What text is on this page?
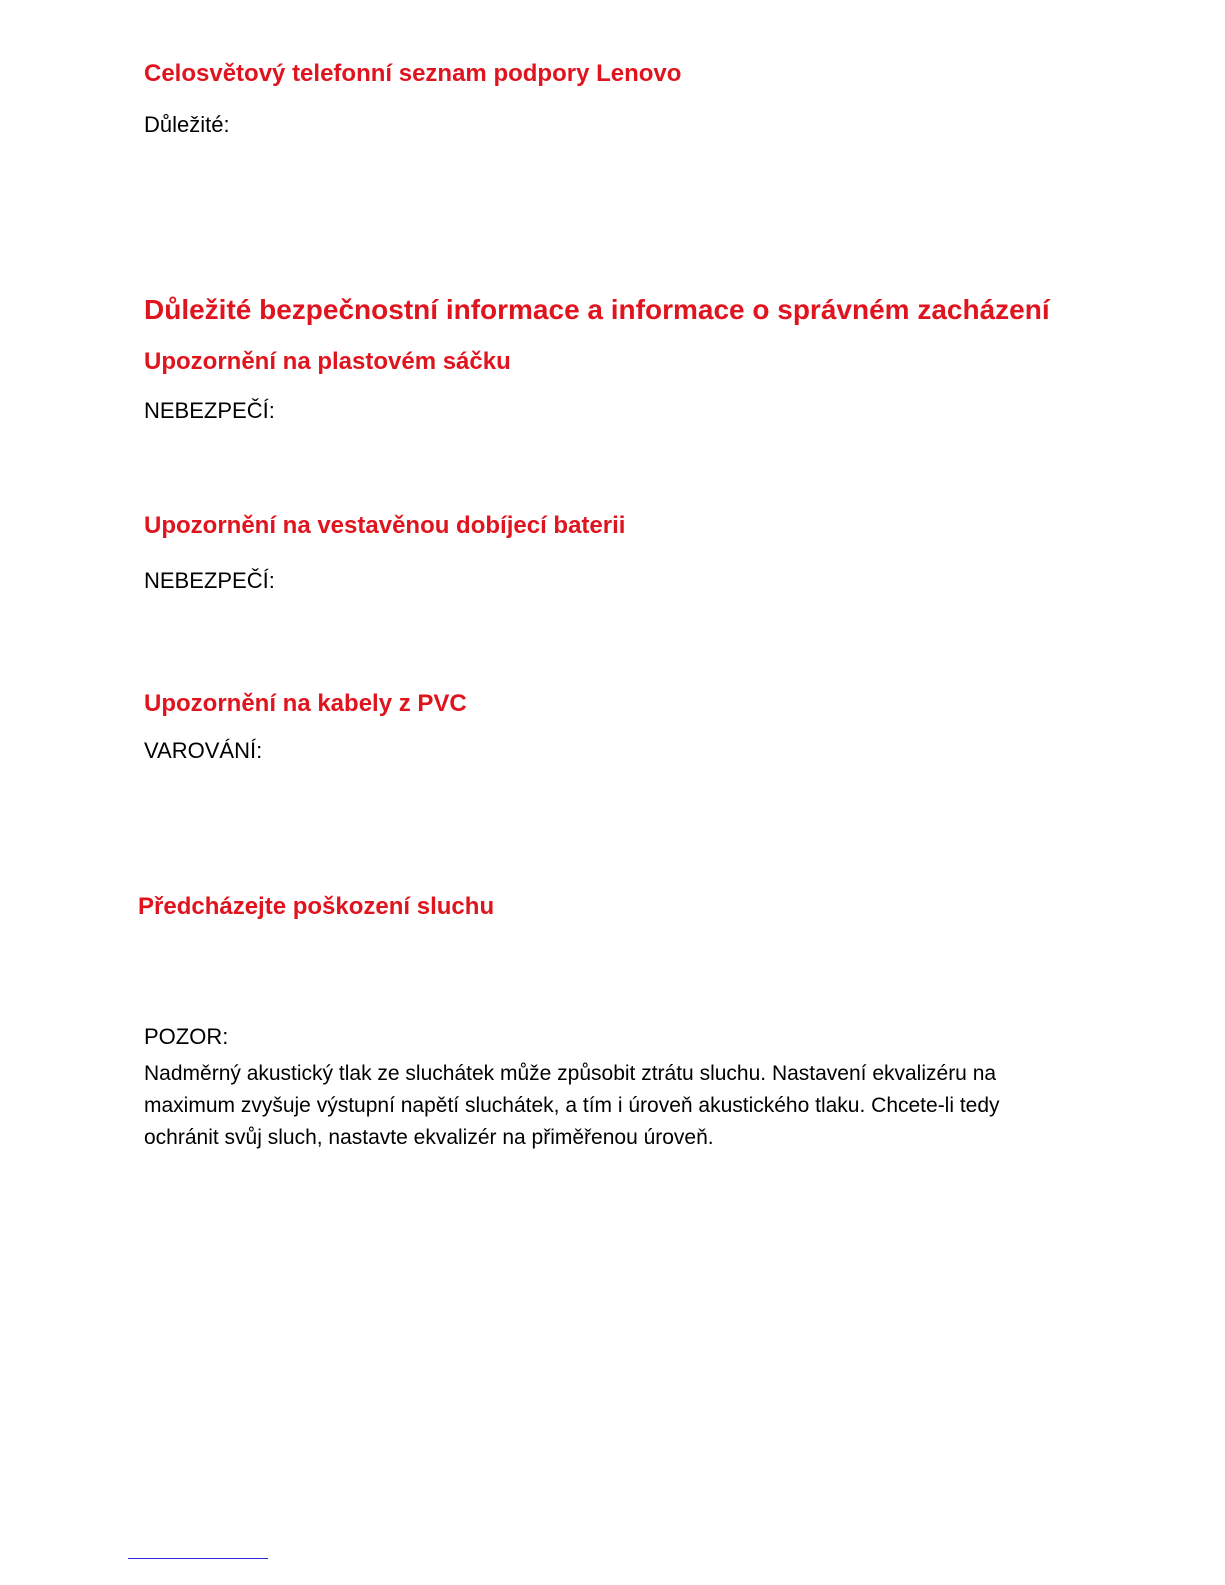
Celosvětový telefonní seznam podpory Lenovo
Důležité:
Důležité bezpečnostní informace a informace o správném zacházení
Upozornění na plastovém sáčku
NEBEZPEČÍ:
Upozornění na vestavěnou dobíjecí baterii
NEBEZPEČÍ:
Upozornění na kabely z PVC
VAROVÁNÍ:
Předcházejte poškození sluchu
POZOR:

Nadměrný akustický tlak ze sluchátek může způsobit ztrátu sluchu. Nastavení ekvalizéru na
maximum zvyšuje výstupní napětí sluchátek, a tím i úroveň akustického tlaku. Chcete-li tedy
ochránit svůj sluch, nastavte ekvalizér na přiměřenou úroveň.
